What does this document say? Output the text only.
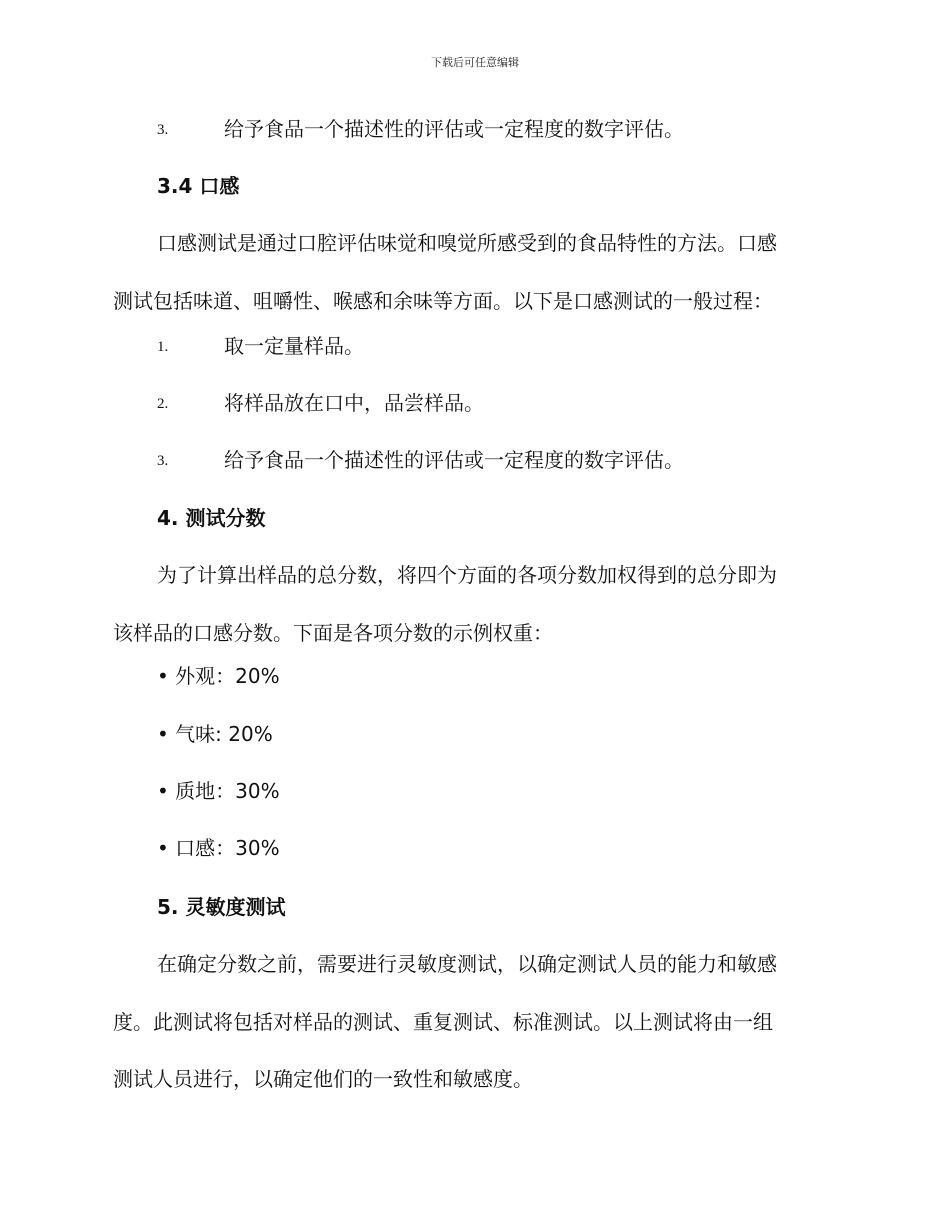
下载后可任意编辑
3.	给予食品一个描述性的评估或一定程度的数字评估。
3.4 口感
口感测试是通过口腔评估味觉和嗅觉所感受到的食品特性的方法。口感
测试包括味道、咀嚼性、喉感和余味等方面。以下是口感测试的一般过程：
1.	取一定量样品。
2.	将样品放在口中，品尝样品。
3.	给予食品一个描述性的评估或一定程度的数字评估。
4. 测试分数
为了计算出样品的总分数，将四个方面的各项分数加权得到的总分即为
该样品的口感分数。下面是各项分数的示例权重：
• 外观：20%
• 气味: 20%
• 质地：30%
• 口感：30%
5. 灵敏度测试
在确定分数之前，需要进行灵敏度测试，以确定测试人员的能力和敏感
度。此测试将包括对样品的测试、重复测试、标准测试。以上测试将由一组
测试人员进行，以确定他们的一致性和敏感度。
